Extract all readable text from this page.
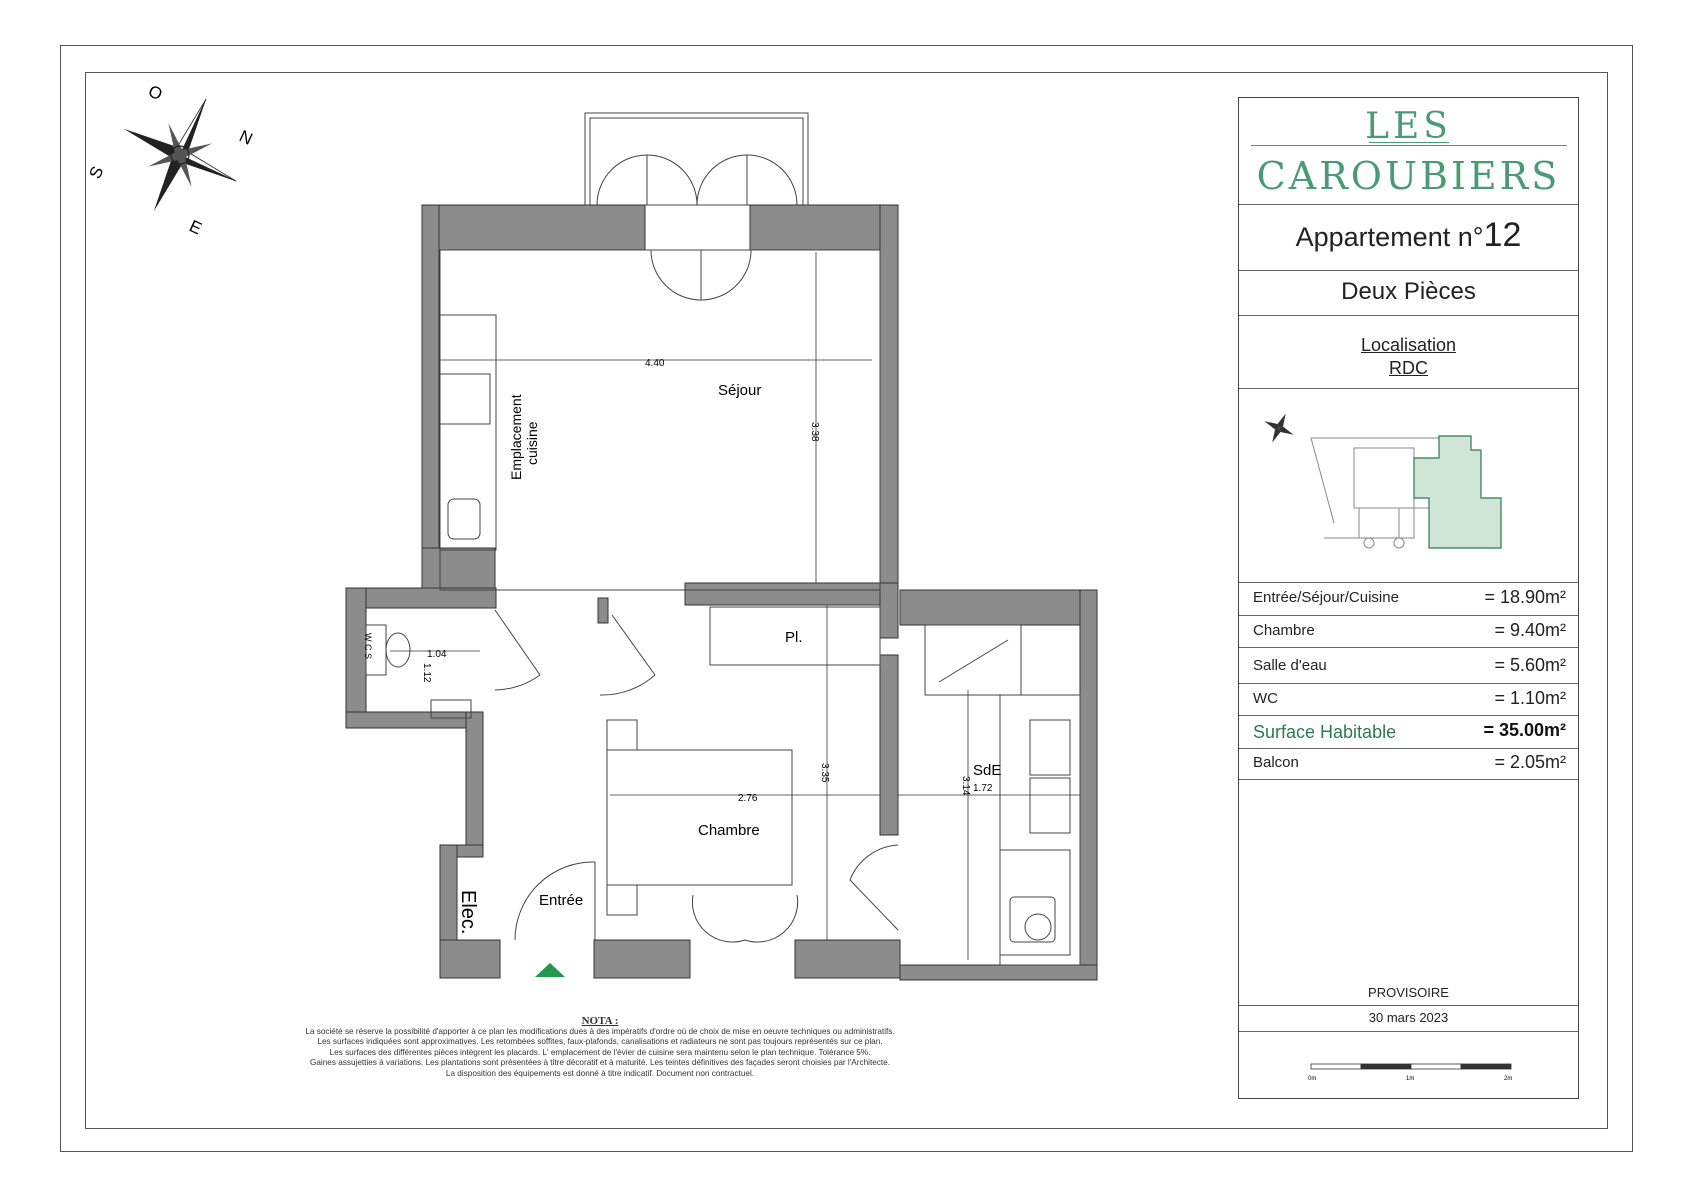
O
N
S
E
Séjour
Emplacement cuisine
Chambre
Entrée
SdE
Pl.
Elec.
W C S
4.40
3.38
2.76
3.35
1.72
3.14
1.04
1.12
LES
CAROUBIERS
Appartement n°12
Deux Pièces
Localisation
RDC
Entrée/Séjour/Cuisine	= 18.90m²
Chambre	= 9.40m²
Salle d'eau	= 5.60m²
WC	= 1.10m²
Surface Habitable	= 35.00m²
Balcon	= 2.05m²
PROVISOIRE
30 mars 2023
0m	1m	2m
NOTA :
La société se réserve la possibilité d'apporter à ce plan les modifications dues à des impératifs d'ordre où de choix de mise en oeuvre techniques ou administratifs.
Les surfaces indiquées sont approximatives. Les retombées soffites, faux-plafonds, canalisations et radiateurs ne sont pas toujours représentés sur ce plan.
Les surfaces des différentes pièces intègrent les placards. L' emplacement de l'évier de cuisine sera maintenu selon le plan technique. Tolérance 5%.
Gaines assujetties à variations. Les plantations sont présentées à titre décoratif et à maturité. Les teintes définitives des façades seront choisies par l'Architecte.
La disposition des équipements est donné à titre indicatif. Document non contractuel.
